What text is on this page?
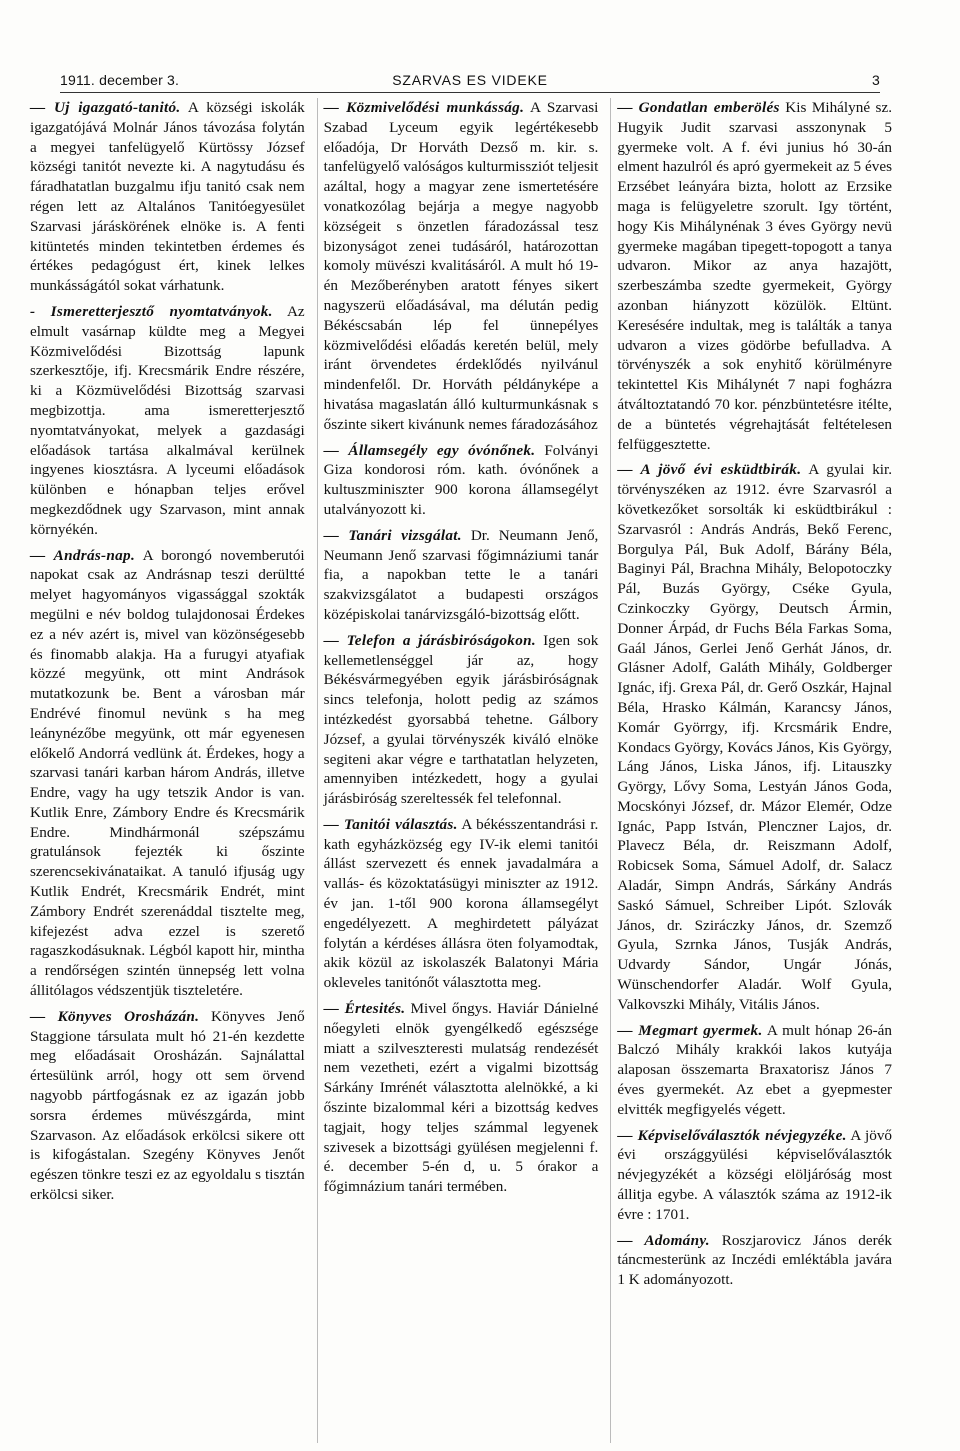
1911. december 3.	SZARVAS ES VIDEKE	3

— Uj igazgató-tanitó. A községi iskolák igazgatójává Molnár János távozása folytán a megyei tanfelügyelő Kürtössy József községi tanitót nevezte ki. A nagytudásu és fáradhatatlan buzgalmu ifju tanitó csak nem régen lett az Altalános Tanitóegyesület Szarvasi járáskörének elnöke is. A fenti kitüntetés minden tekintetben érdemes és értékes pedagógust ért, kinek lelkes munkásságától sokat várhatunk.

- Ismeretterjesztő nyomtatványok. Az elmult vasárnap küldte meg a Megyei Közmivelődési Bizottság lapunk szerkesztője, ifj. Krecsmárik Endre részére, ki a Közmüvelődési Bizottság szarvasi megbizottja. ama ismeretterjesztő nyomtatványokat, melyek a gazdasági előadások tartása alkalmával kerülnek ingyenes kiosztásra. A lyceumi előadások különben e hónapban teljes erővel megkezdődnek ugy Szarvason, mint annak környékén.

— András-nap. A borongó novemberutói napokat csak az Andrásnap teszi derültté melyet hagyományos vigassággal szokták megülni e név boldog tulajdonosai Érdekes ez a név azért is, mivel van közönségesebb és finomabb alakja. Ha a furugyi atyafiak közzé megyünk, ott mint Andrások mutatkozunk be. Bent a városban már Endrévé finomul nevünk s ha meg leánynézőbe megyünk, ott már egyenesen előkelő Andorrá vedlünk át. Érdekes, hogy a szarvasi tanári karban három András, illetve Endre, vagy ha ugy tetszik Andor is van. Kutlik Enre, Zámbory Endre és Krecsmárik Endre. Mindhármonál szépszámu gratulánsok fejezték ki őszinte szerencsekivánataikat. A tanuló ifjuság ugy Kutlik Endrét, Krecsmárik Endrét, mint Zámbory Endrét szerenáddal tisztelte meg, kifejezést adva ezzel is szerető ragaszkodásuknak. Légból kapott hir, mintha a rendőrségen szintén ünnepség lett volna állitólagos védszentjük tiszteletére.

— Könyves Orosházán. Könyves Jenő Staggione társulata mult hó 21-én kezdette meg előadásait Orosházán. Sajnálattal értesülünk arról, hogy ott sem örvend nagyobb pártfogásnak ez az igazán jobb sorsra érdemes müvészgárda, mint Szarvason. Az előadások erkölcsi sikere ott is kifogástalan. Szegény Könyves Jenőt egészen tönkre teszi ez az egyoldalu s tisztán erkölcsi siker.

— Közmivelődési munkásság. A Szarvasi Szabad Lyceum egyik legértékesebb előadója, Dr Horváth Dezső m. kir. s. tanfelügyelő valóságos kulturmissziót teljesit azáltal, hogy a magyar zene ismertetésére vonatkozólag bejárja a megye nagyobb községeit s önzetlen fáradozással tesz bizonyságot zenei tudásáról, határozottan komoly müvészi kvalitásáról. A mult hó 19-én Mezőberényben aratott fényes sikert nagyszerü előadásával, ma délután pedig Békéscsabán lép fel ünnepélyes közmivelődési előadás keretén belül, mely iránt örvendetes érdeklődés nyilvánul mindenfelől. Dr. Horváth példányképe a hivatása magaslatán álló kulturmunkásnak s őszinte sikert kivánunk nemes fáradozásához

— Államsegély egy óvónőnek. Folványi Giza kondorosi róm. kath. óvónőnek a kultuszminiszter 900 korona államsegélyt utalványozott ki.

— Tanári vizsgálat. Dr. Neumann Jenő, Neumann Jenő szarvasi főgimnáziumi tanár fia, a napokban tette le a tanári szakvizsgálatot a budapesti országos középiskolai tanárvizsgáló-bizottság előtt.

— Telefon a járásbiróságokon. Igen sok kellemetlenséggel jár az, hogy Békésvármegyében egyik járásbiróságnak sincs telefonja, holott pedig az számos intézkedést gyorsabbá tehetne. Gálbory József, a gyulai törvényszék kiváló elnöke segiteni akar végre e tarthatatlan helyzeten, amennyiben intézkedett, hogy a gyulai járásbiróság szereltessék fel telefonnal.

— Tanitói választás. A békésszentandrási r. kath egyházközség egy IV-ik elemi tanitói állást szervezett és ennek javadalmára a vallás- és közoktatásügyi miniszter az 1912. év jan. 1-től 900 korona államsegélyt engedélyezett. A meghirdetett pályázat folytán a kérdéses állásra öten folyamodtak, akik közül az iskolaszék Balatonyi Mária okleveles tanitónőt választotta meg.

— Értesités. Mivel őngys. Haviár Dánielné nőegyleti elnök gyengélkedő egészsége miatt a szilveszteresti mulatság rendezését nem vezetheti, ezért a vigalmi bizottság Sárkány Imrénét választotta alelnökké, a ki őszinte bizalommal kéri a bizottság kedves tagjait, hogy teljes számmal legyenek szivesek a bizottsági gyülésen megjelenni f. é. december 5-én d, u. 5 órakor a főgimnázium tanári termében.

— Gondatlan emberölés Kis Mihályné sz. Hugyik Judit szarvasi asszonynak 5 gyermeke volt. A f. évi junius hó 30-án elment hazulról és apró gyermekeit az 5 éves Erzsébet leányára bizta, holott az Erzsike maga is felügyeletre szorult. Igy történt, hogy Kis Mihálynénak 3 éves György nevü gyermeke magában tipegett-topogott a tanya udvaron. Mikor az anya hazajött, szerbeszámba szedte gyermekeit, György azonban hiányzott közülök. Eltünt. Keresésére indultak, meg is találták a tanya udvaron a vizes gödörbe befulladva. A törvényszék a sok enyhitő körülményre tekintettel Kis Mihálynét 7 napi fogházra átváltoztatandó 70 kor. pénzbüntetésre itélte, de a büntetés végrehajtását feltételesen felfüggesztette.

— A jövő évi esküdtbirák. A gyulai kir. törvényszéken az 1912. évre Szarvasról a következőket sorsolták ki esküdtbirákul : Szarvasról : András András, Bekő Ferenc, Borgulya Pál, Buk Adolf, Bárány Béla, Baginyi Pál, Brachna Mihály, Belopotoczky Pál, Buzás György, Cséke Gyula, Czinkoczky György, Deutsch Ármin, Donner Árpád, dr Fuchs Béla Farkas Soma, Gaál János, Gerlei Jenő Gerhát János, dr. Glásner Adolf, Galáth Mihály, Goldberger Ignác, ifj. Grexa Pál, dr. Gerő Oszkár, Hajnal Béla, Hrasko Kálmán, Karancsy János, Komár Györrgy, ifj. Krcsmárik Endre, Kondacs György, Kovács János, Kis György, Láng János, Liska János, ifj. Litauszky György, Lővy Soma, Lestyán János Goda, Mocskónyi József, dr. Mázor Elemér, Odze Ignác, Papp István, Plenczner Lajos, dr. Plavecz Béla, dr. Reiszmann Adolf, Robicsek Soma, Sámuel Adolf, dr. Salacz Aladár, Simpn András, Sárkány András Saskó Sámuel, Schreiber Lipót. Szlovák János, dr. Sziráczky János, dr. Szemző Gyula, Szrnka János, Tusják András, Udvardy Sándor, Ungár Jónás, Wünschendorfer Aladár. Wolf Gyula, Valkovszki Mihály, Vitális János.

— Megmart gyermek. A mult hónap 26-án Balczó Mihály krakkói lakos kutyája alaposan összemarta Braxatorisz János 7 éves gyermekét. Az ebet a gyepmester elvitték megfigyelés végett.

— Képviselőválasztók névjegyzéke. A jövő évi országgyülési képviselőválasztók névjegyzékét a községi elöljáróság most állitja egybe. A választók száma az 1912-ik évre : 1701.

— Adomány. Roszjarovicz János derék táncmesterünk az Inczédi emléktábla javára 1 K adományozott.
